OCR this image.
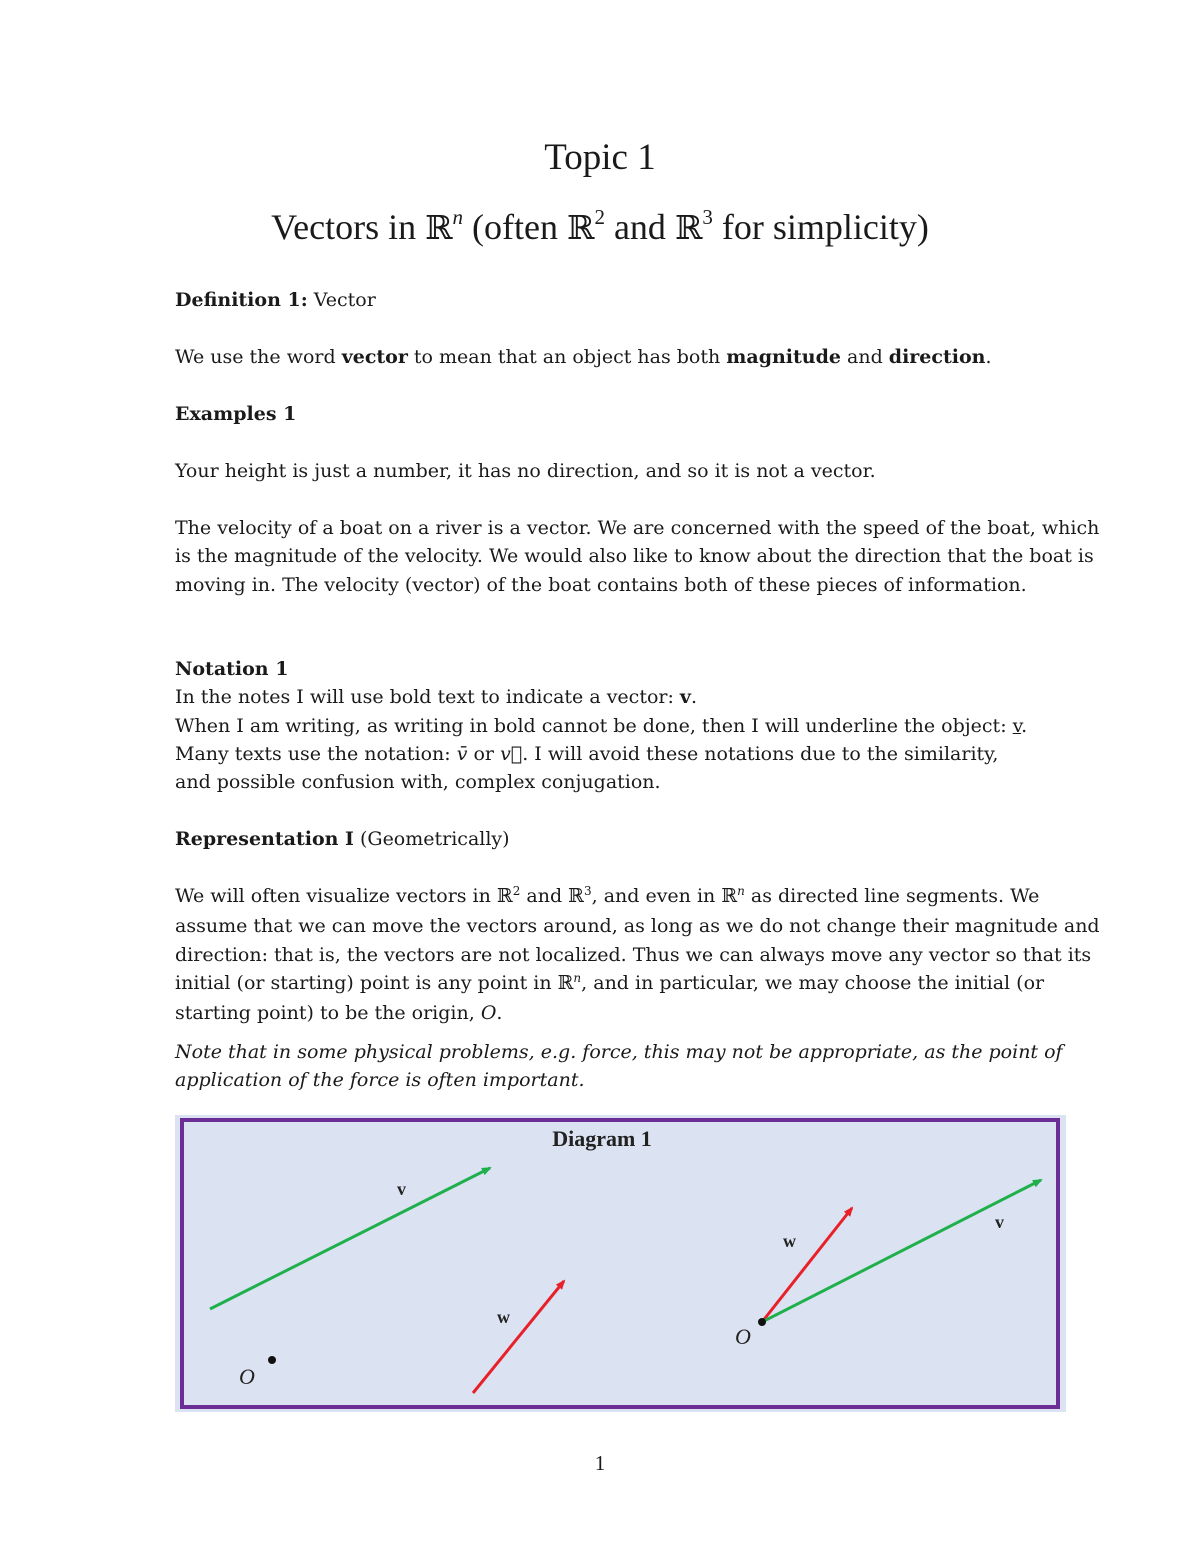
Topic 1
Vectors in ℝ$^n$ (often ℝ$^2$ and ℝ$^3$ for simplicity)

Definition 1: Vector

We use the word vector to mean that an object has both magnitude and direction.

Examples 1

Your height is just a number, it has no direction, and so it is not a vector.

The velocity of a boat on a river is a vector. We are concerned with the speed of the boat, which is the magnitude of the velocity. We would also like to know about the direction that the boat is moving in. The velocity (vector) of the boat contains both of these pieces of information.

Notation 1
In the notes I will use bold text to indicate a vector: v.
When I am writing, as writing in bold cannot be done, then I will underline the object: v.
Many texts use the notation: v̄ or v⃗. I will avoid these notations due to the similarity,
and possible confusion with, complex conjugation.

Representation I (Geometrically)

We will often visualize vectors in ℝ$^2$ and ℝ$^3$, and even in ℝ$^n$ as directed line segments. We assume that we can move the vectors around, as long as we do not change their magnitude and direction: that is, the vectors are not localized. Thus we can always move any vector so that its initial (or starting) point is any point in ℝ$^n$, and in particular, we may choose the initial (or starting point) to be the origin, O.

Note that in some physical problems, e.g. force, this may not be appropriate, as the point of application of the force is often important.

Diagram 1
v
w
O
w
v
O
1
